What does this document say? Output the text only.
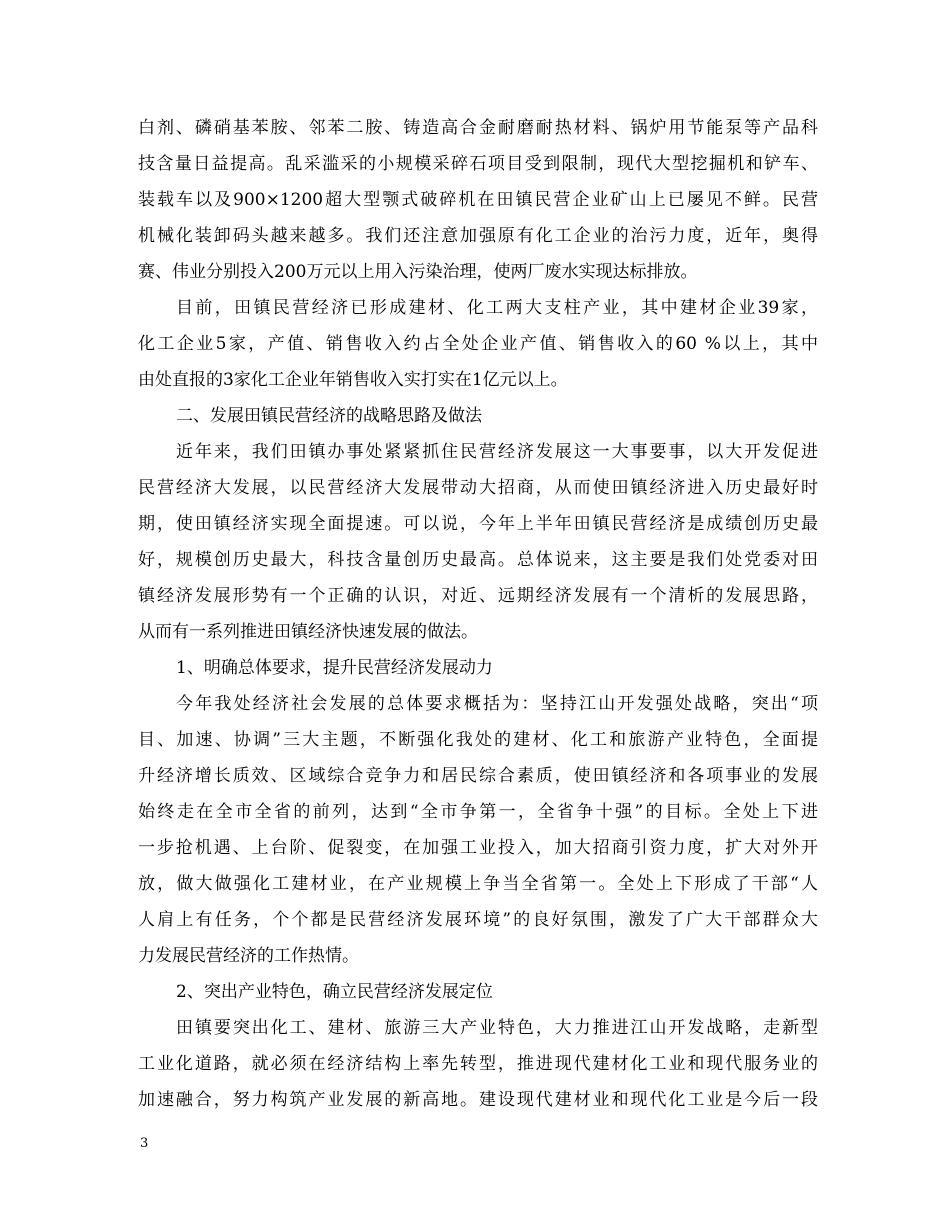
白剂、磷硝基苯胺、邻苯二胺、铸造高合金耐磨耐热材料、锅炉用节能泵等产品科
技含量日益提高。乱采滥采的小规模采碎石项目受到限制，现代大型挖掘机和铲车、
装载车以及900×1200超大型颚式破碎机在田镇民营企业矿山上已屡见不鲜。民营
机械化装卸码头越来越多。我们还注意加强原有化工企业的治污力度，近年，奥得
赛、伟业分别投入200万元以上用入污染治理，使两厂废水实现达标排放。
目前，田镇民营经济已形成建材、化工两大支柱产业，其中建材企业39家，
化工企业5家，产值、销售收入约占全处企业产值、销售收入的60 %以上，其中
由处直报的3家化工企业年销售收入实打实在1亿元以上。
二、发展田镇民营经济的战略思路及做法
近年来，我们田镇办事处紧紧抓住民营经济发展这一大事要事，以大开发促进
民营经济大发展，以民营经济大发展带动大招商，从而使田镇经济进入历史最好时
期，使田镇经济实现全面提速。可以说，今年上半年田镇民营经济是成绩创历史最
好，规模创历史最大，科技含量创历史最高。总体说来，这主要是我们处党委对田
镇经济发展形势有一个正确的认识，对近、远期经济发展有一个清析的发展思路，
从而有一系列推进田镇经济快速发展的做法。
1、明确总体要求，提升民营经济发展动力
今年我处经济社会发展的总体要求概括为：坚持江山开发强处战略，突出“项
目、加速、协调”三大主题，不断强化我处的建材、化工和旅游产业特色，全面提
升经济增长质效、区域综合竞争力和居民综合素质，使田镇经济和各项事业的发展
始终走在全市全省的前列，达到“全市争第一，全省争十强”的目标。全处上下进
一步抢机遇、上台阶、促裂变，在加强工业投入，加大招商引资力度，扩大对外开
放，做大做强化工建材业，在产业规模上争当全省第一。全处上下形成了干部“人
人肩上有任务，个个都是民营经济发展环境”的良好氛围，激发了广大干部群众大
力发展民营经济的工作热情。
2、突出产业特色，确立民营经济发展定位
田镇要突出化工、建材、旅游三大产业特色，大力推进江山开发战略，走新型
工业化道路，就必须在经济结构上率先转型，推进现代建材化工业和现代服务业的
加速融合，努力构筑产业发展的新高地。建设现代建材业和现代化工业是今后一段
3
